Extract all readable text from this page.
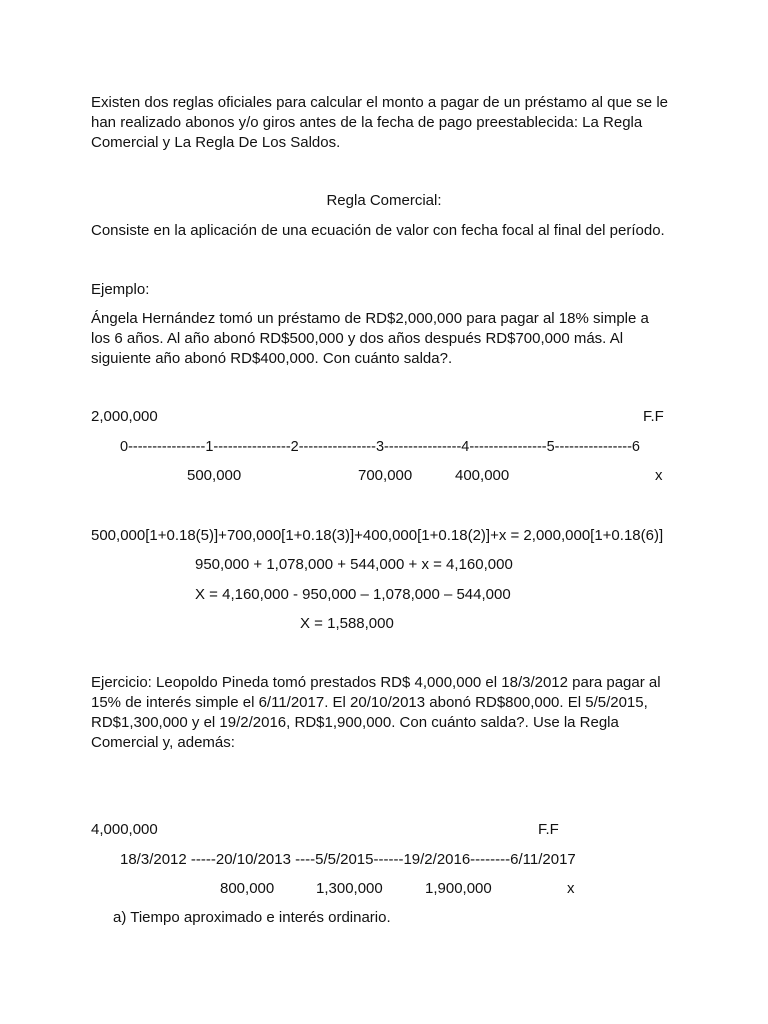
Existen dos reglas oficiales para calcular el monto a pagar de un préstamo al que se le

han realizado abonos y/o giros antes de la fecha de pago preestablecida: La Regla

Comercial y La Regla De Los Saldos.

Regla Comercial:

Consiste en la aplicación de una ecuación de valor con fecha focal al final del período.

Ejemplo:

Ángela Hernández tomó un préstamo de RD$2,000,000 para pagar al 18% simple a

los 6 años. Al año abonó RD$500,000 y dos años después RD$700,000 más. Al

siguiente año abonó RD$400,000. Con cuánto salda?.

2,000,000	F.F

0----------------1----------------2----------------3----------------4----------------5----------------6

500,000	700,000	400,000	x

500,000[1+0.18(5)]+700,000[1+0.18(3)]+400,000[1+0.18(2)]+x = 2,000,000[1+0.18(6)]

950,000 + 1,078,000 + 544,000 + x = 4,160,000

X = 4,160,000 - 950,000 – 1,078,000 – 544,000

X = 1,588,000

Ejercicio: Leopoldo Pineda tomó prestados RD$ 4,000,000 el 18/3/2012 para pagar al

15% de interés simple el 6/11/2017. El 20/10/2013 abonó RD$800,000. El 5/5/2015,

RD$1,300,000 y el 19/2/2016, RD$1,900,000. Con cuánto salda?. Use la Regla

Comercial y, además:

4,000,000	F.F

18/3/2012 -----20/10/2013 ----5/5/2015------19/2/2016--------6/11/2017

800,000	1,300,000	1,900,000	x

a) Tiempo aproximado e interés ordinario.
